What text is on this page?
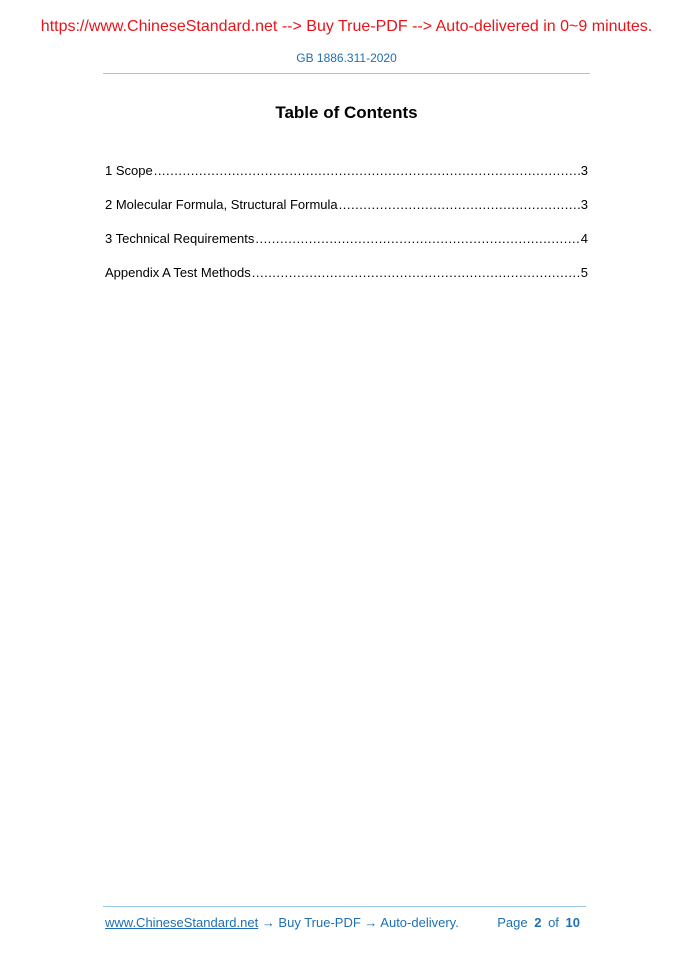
https://www.ChineseStandard.net --> Buy True-PDF --> Auto-delivered in 0~9 minutes.
GB 1886.311-2020
Table of Contents
1 Scope .....	3
2 Molecular Formula, Structural Formula .....	3
3 Technical Requirements .....	4
Appendix A Test Methods .....	5
www.ChineseStandard.net → Buy True-PDF → Auto-delivery.	Page 2 of 10
